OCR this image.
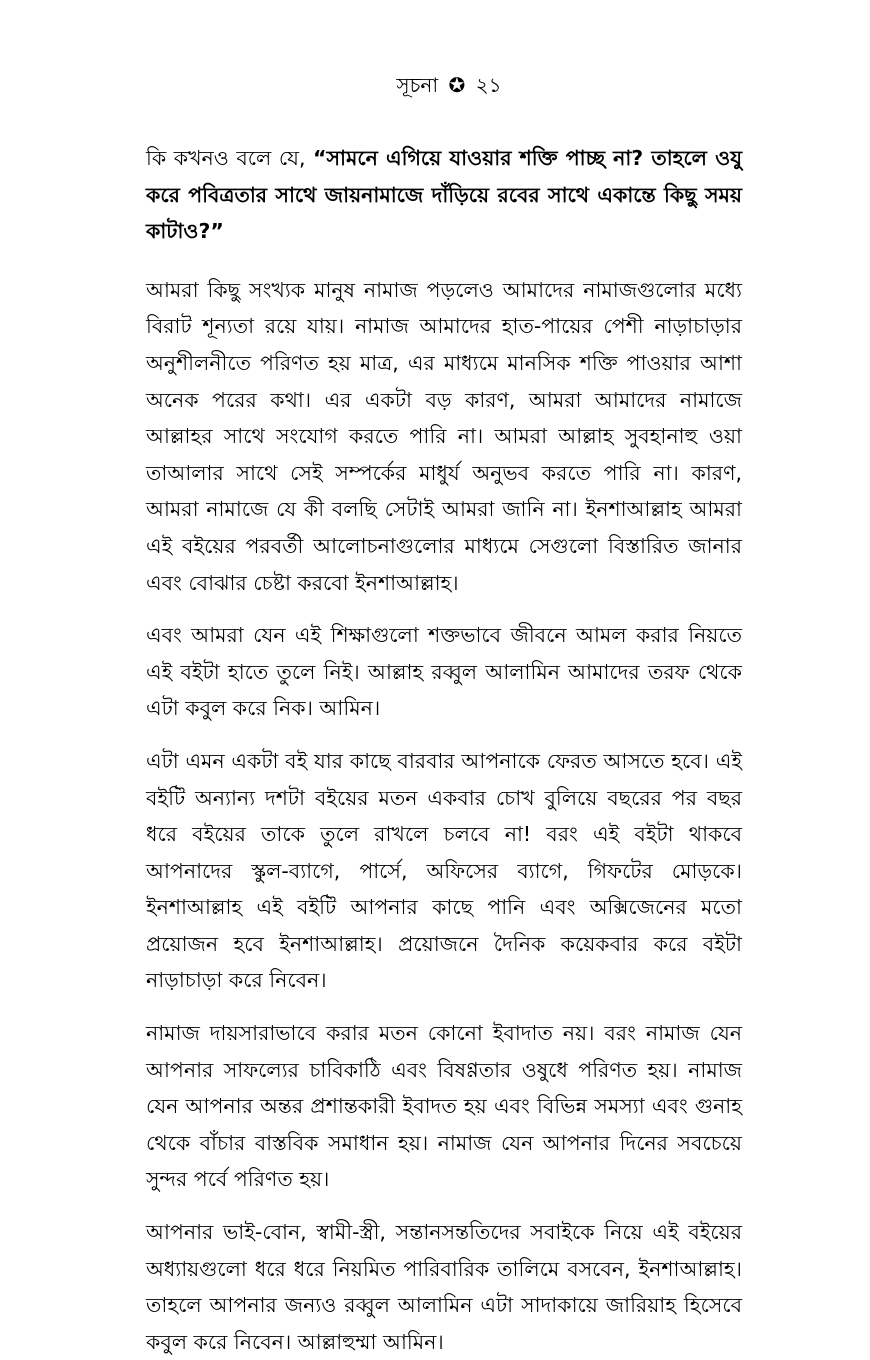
সূচনা ✪ ২১

কি কখনও বলে যে, “সামনে এগিয়ে যাওয়ার শক্তি পাচ্ছ না? তাহলে ওযু করে পবিত্রতার সাথে জায়নামাজে দাঁড়িয়ে রবের সাথে একান্তে কিছু সময় কাটাও?”

আমরা কিছু সংখ্যক মানুষ নামাজ পড়লেও আমাদের নামাজগুলোর মধ্যে বিরাট শূন্যতা রয়ে যায়। নামাজ আমাদের হাত-পায়ের পেশী নাড়াচাড়ার অনুশীলনীতে পরিণত হয় মাত্র, এর মাধ্যমে মানসিক শক্তি পাওয়ার আশা অনেক পরের কথা। এর একটা বড় কারণ, আমরা আমাদের নামাজে আল্লাহর সাথে সংযোগ করতে পারি না। আমরা আল্লাহ সুবহানাহু ওয়া তাআলার সাথে সেই সম্পর্কের মাধুর্য অনুভব করতে পারি না। কারণ, আমরা নামাজে যে কী বলছি সেটাই আমরা জানি না। ইনশাআল্লাহ আমরা এই বইয়ের পরবর্তী আলোচনাগুলোর মাধ্যমে সেগুলো বিস্তারিত জানার এবং বোঝার চেষ্টা করবো ইনশাআল্লাহ।

এবং আমরা যেন এই শিক্ষাগুলো শক্তভাবে জীবনে আমল করার নিয়তে এই বইটা হাতে তুলে নিই। আল্লাহ রব্বুল আলামিন আমাদের তরফ থেকে এটা কবুল করে নিক। আমিন।

এটা এমন একটা বই যার কাছে বারবার আপনাকে ফেরত আসতে হবে। এই বইটি অন্যান্য দশটা বইয়ের মতন একবার চোখ বুলিয়ে বছরের পর বছর ধরে বইয়ের তাকে তুলে রাখলে চলবে না! বরং এই বইটা থাকবে আপনাদের স্কুল-ব্যাগে, পার্সে, অফিসের ব্যাগে, গিফটের মোড়কে। ইনশাআল্লাহ এই বইটি আপনার কাছে পানি এবং অক্সিজেনের মতো প্রয়োজন হবে ইনশাআল্লাহ। প্রয়োজনে দৈনিক কয়েকবার করে বইটা নাড়াচাড়া করে নিবেন।

নামাজ দায়সারাভাবে করার মতন কোনো ইবাদাত নয়। বরং নামাজ যেন আপনার সাফল্যের চাবিকাঠি এবং বিষণ্ণতার ওষুধে পরিণত হয়। নামাজ যেন আপনার অন্তর প্রশান্তকারী ইবাদত হয় এবং বিভিন্ন সমস্যা এবং গুনাহ থেকে বাঁচার বাস্তবিক সমাধান হয়। নামাজ যেন আপনার দিনের সবচেয়ে সুন্দর পর্বে পরিণত হয়।

আপনার ভাই-বোন, স্বামী-স্ত্রী, সন্তানসন্ততিদের সবাইকে নিয়ে এই বইয়ের অধ্যায়গুলো ধরে ধরে নিয়মিত পারিবারিক তালিমে বসবেন, ইনশাআল্লাহ। তাহলে আপনার জন্যও রব্বুল আলামিন এটা সাদাকায়ে জারিয়াহ হিসেবে কবুল করে নিবেন। আল্লাহুম্মা আমিন।
